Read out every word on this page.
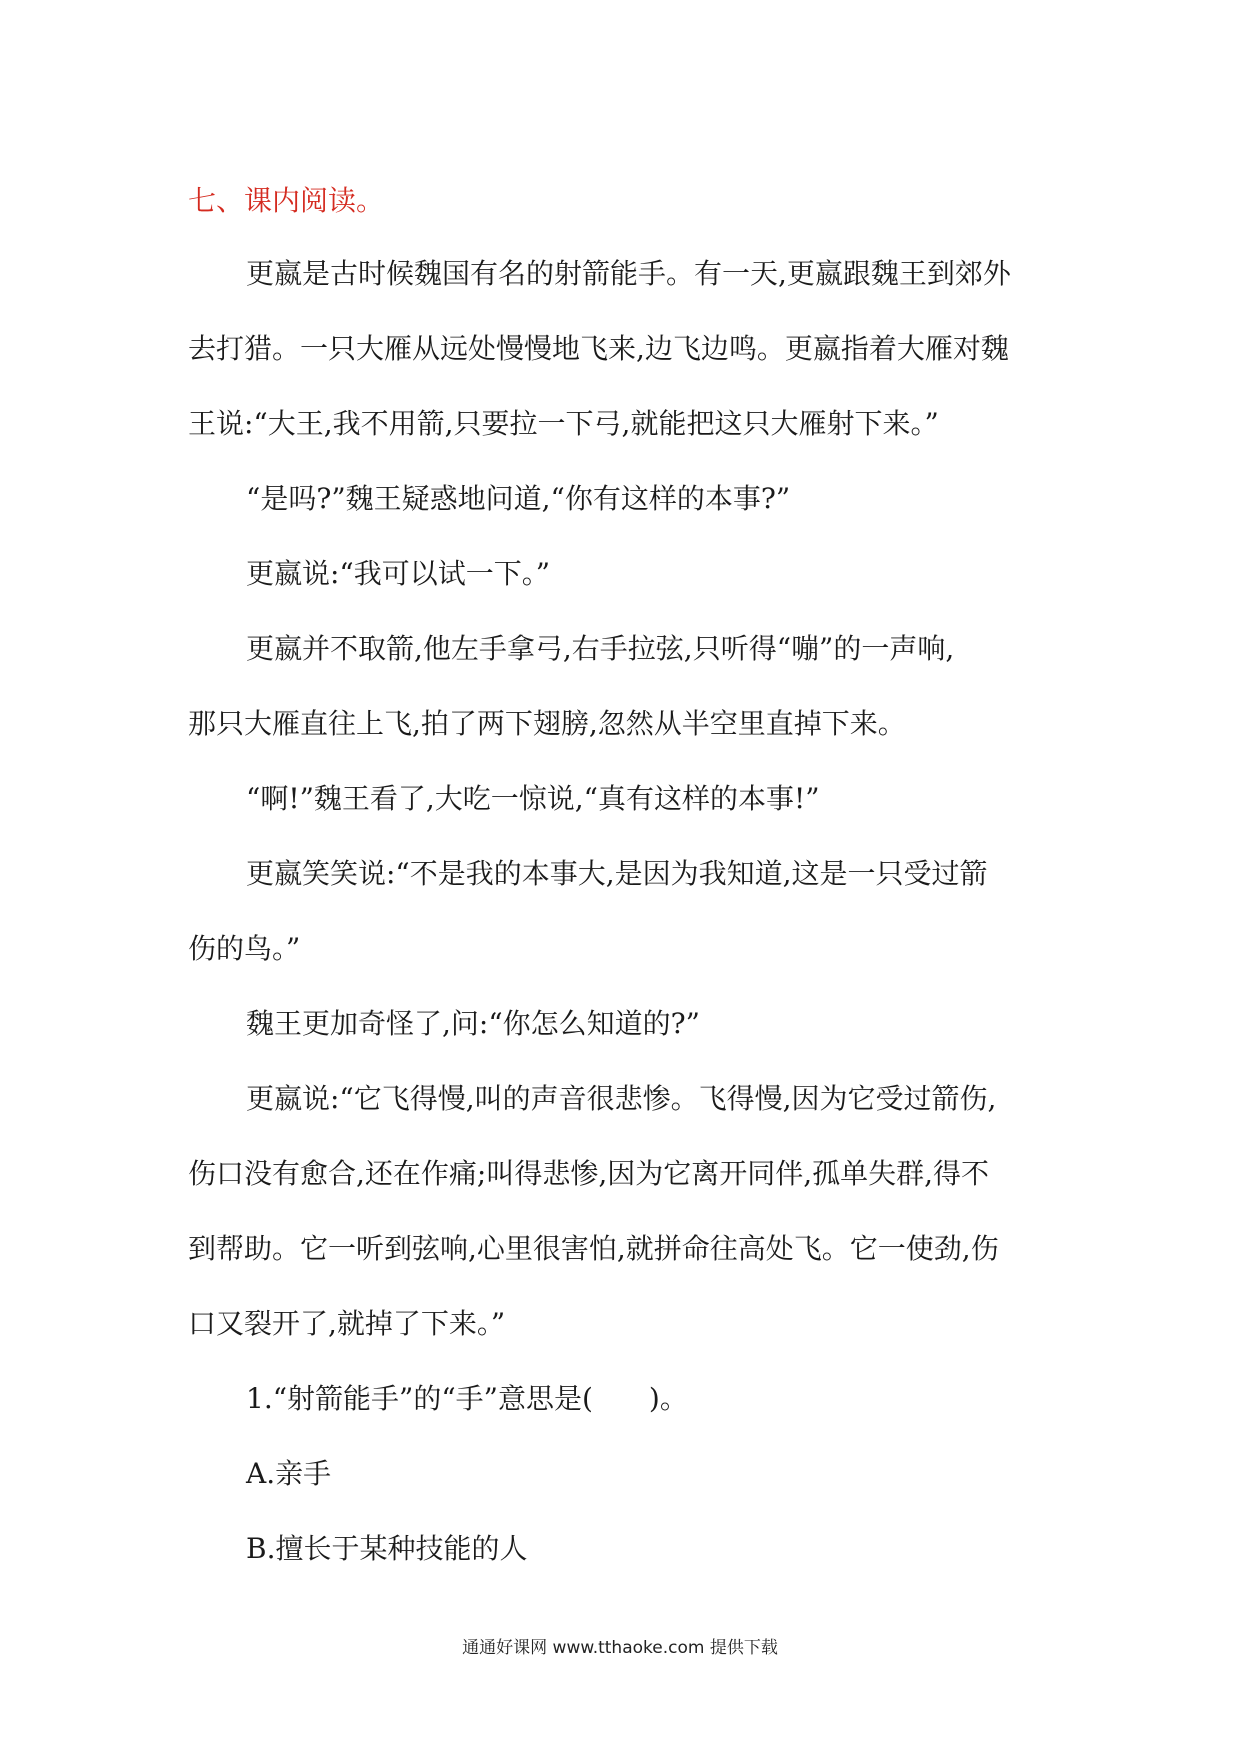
七、课内阅读。
更嬴是古时候魏国有名的射箭能手。有一天,更嬴跟魏王到郊外
去打猎。一只大雁从远处慢慢地飞来,边飞边鸣。更嬴指着大雁对魏
王说:“大王,我不用箭,只要拉一下弓,就能把这只大雁射下来。”
“是吗?”魏王疑惑地问道,“你有这样的本事?”
更嬴说:“我可以试一下。”
更嬴并不取箭,他左手拿弓,右手拉弦,只听得“嘣”的一声响,
那只大雁直往上飞,拍了两下翅膀,忽然从半空里直掉下来。
“啊!”魏王看了,大吃一惊说,“真有这样的本事!”
更嬴笑笑说:“不是我的本事大,是因为我知道,这是一只受过箭
伤的鸟。”
魏王更加奇怪了,问:“你怎么知道的?”
更嬴说:“它飞得慢,叫的声音很悲惨。飞得慢,因为它受过箭伤,
伤口没有愈合,还在作痛;叫得悲惨,因为它离开同伴,孤单失群,得不
到帮助。它一听到弦响,心里很害怕,就拼命往高处飞。它一使劲,伤
口又裂开了,就掉了下来。”
1.“射箭能手”的“手”意思是(　　)。
A.亲手
B.擅长于某种技能的人
通通好课网 www.tthaoke.com 提供下载
